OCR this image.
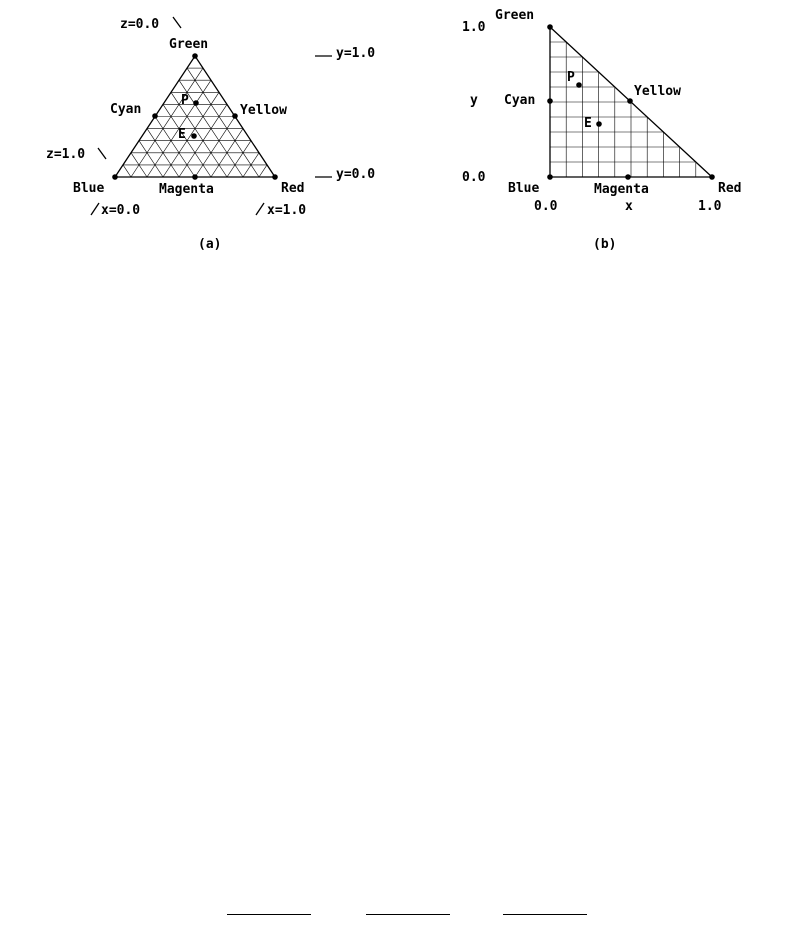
z=0.0
Green
Cyan	Yellow
P
E
z=1.0
Blue	Magenta	Red
x=0.0	x=1.0
y=1.0
y=0.0
(a)
Green
1.0
y Cyan
P
Yellow
E
0.0
Blue	Magenta	Red
0.0	x	1.0
(b)
